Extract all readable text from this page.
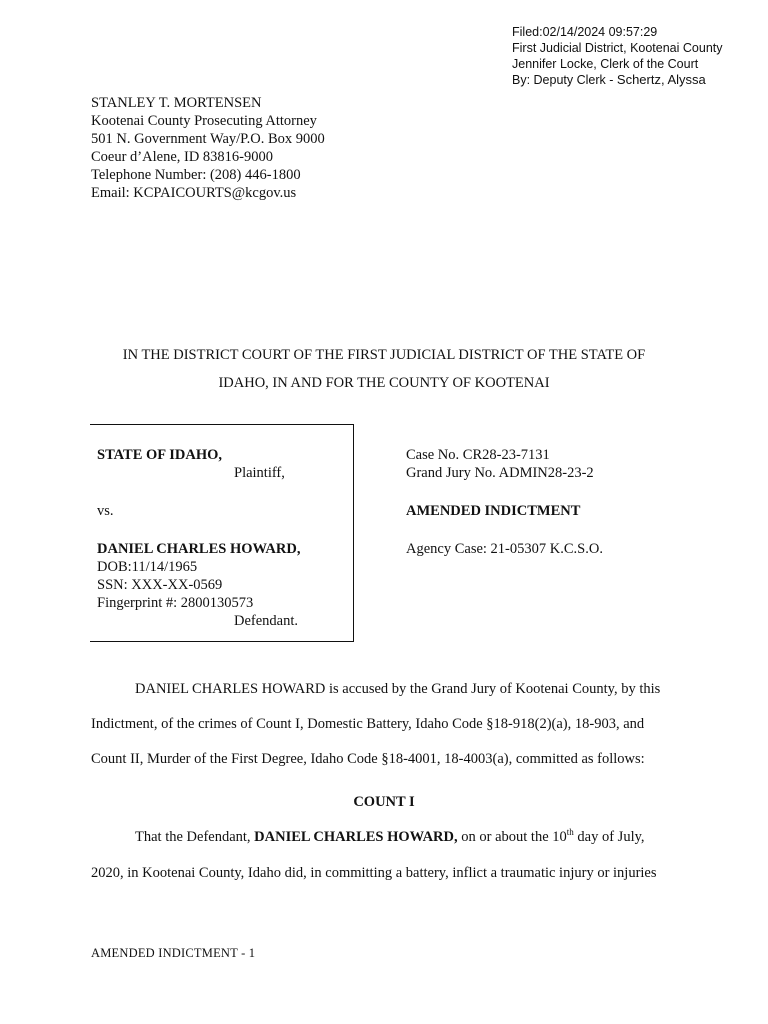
Filed:02/14/2024 09:57:29
First Judicial District, Kootenai County
Jennifer Locke, Clerk of the Court
By: Deputy Clerk - Schertz, Alyssa
STANLEY T. MORTENSEN
Kootenai County Prosecuting Attorney
501 N. Government Way/P.O. Box 9000
Coeur d’Alene, ID 83816-9000
Telephone Number: (208) 446-1800
Email: KCPAICOURTS@kcgov.us
IN THE DISTRICT COURT OF THE FIRST JUDICIAL DISTRICT OF THE STATE OF
IDAHO, IN AND FOR THE COUNTY OF KOOTENAI
STATE OF IDAHO,
Plaintiff,
vs.
DANIEL CHARLES HOWARD,
DOB:11/14/1965
SSN: XXX-XX-0569
Fingerprint #: 2800130573
Defendant.
Case No. CR28-23-7131
Grand Jury No. ADMIN28-23-2
AMENDED INDICTMENT
Agency Case: 21-05307 K.C.S.O.
DANIEL CHARLES HOWARD is accused by the Grand Jury of Kootenai County, by this
Indictment, of the crimes of Count I, Domestic Battery, Idaho Code §18-918(2)(a), 18-903, and
Count II, Murder of the First Degree, Idaho Code §18-4001, 18-4003(a), committed as follows:
COUNT I
That the Defendant, DANIEL CHARLES HOWARD, on or about the 10th day of July,
2020, in Kootenai County, Idaho did, in committing a battery, inflict a traumatic injury or injuries
AMENDED INDICTMENT - 1
